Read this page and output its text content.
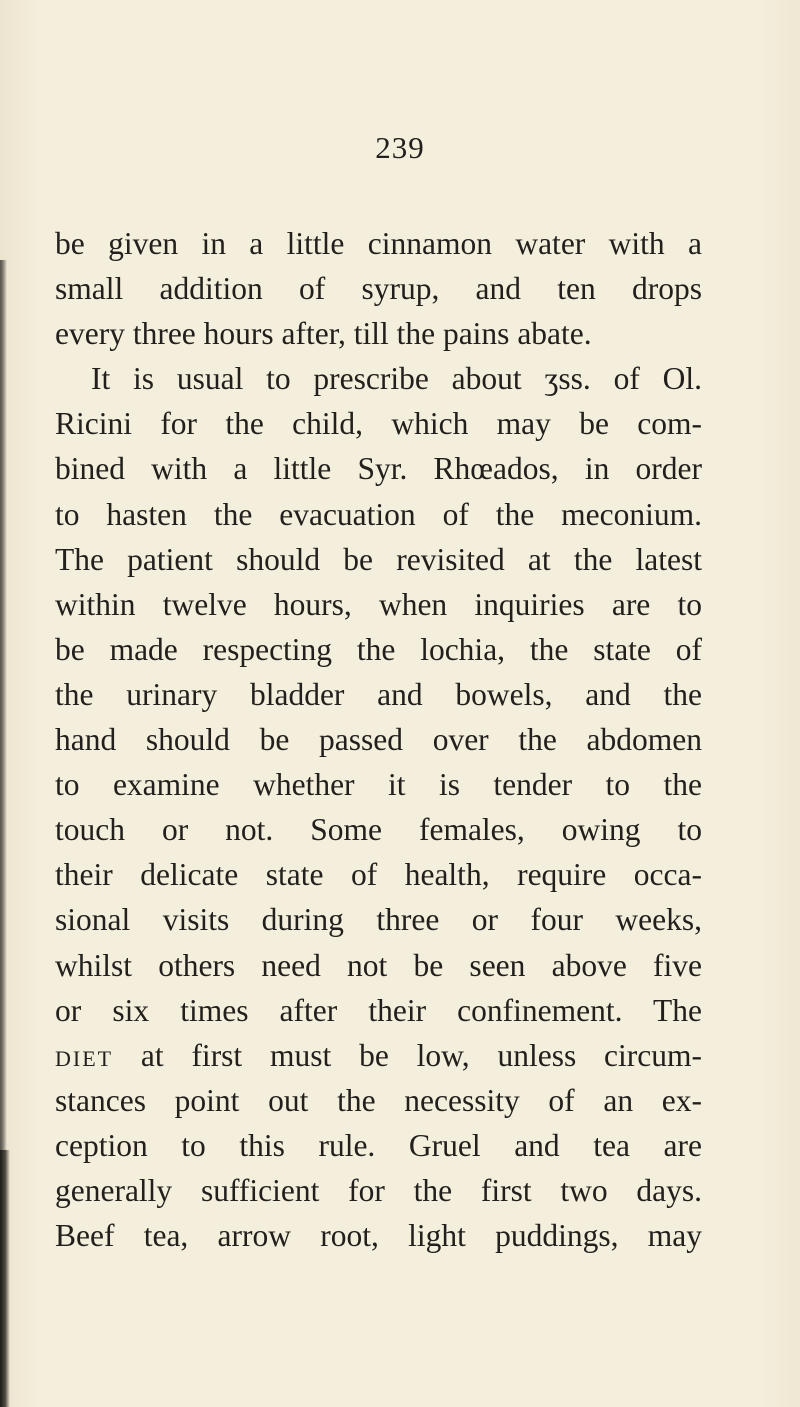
239
be given in a little cinnamon water with a
small addition of syrup, and ten drops
every three hours after, till the pains abate.
It is usual to prescribe about ʒss. of Ol.
Ricini for the child, which may be com-
bined with a little Syr. Rhœados, in order
to hasten the evacuation of the meconium.
The patient should be revisited at the latest
within twelve hours, when inquiries are to
be made respecting the lochia, the state of
the urinary bladder and bowels, and the
hand should be passed over the abdomen
to examine whether it is tender to the
touch or not. Some females, owing to
their delicate state of health, require occa-
sional visits during three or four weeks,
whilst others need not be seen above five
or six times after their confinement. The
DIET at first must be low, unless circum-
stances point out the necessity of an ex-
ception to this rule. Gruel and tea are
generally sufficient for the first two days.
Beef tea, arrow root, light puddings, may
